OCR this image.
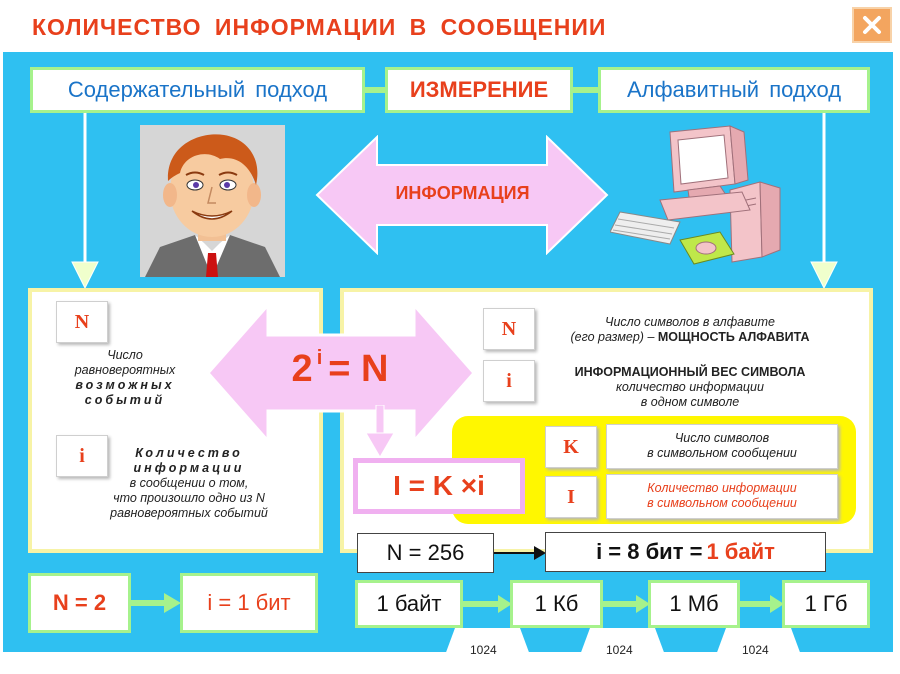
КОЛИЧЕСТВО ИНФОРМАЦИИ В СООБЩЕНИИ
Содержательный подход	ИЗМЕРЕНИЕ	Алфавитный подход
ИНФОРМАЦИЯ
N
Число
равновероятных
возможных
событий
i	Количество
информации
в сообщении о том,
что произошло одно из N
равновероятных событий
N	Число символов в алфавите
(его размер) – МОЩНОСТЬ АЛФАВИТА
i	ИНФОРМАЦИОННЫЙ ВЕС СИМВОЛА
количество информации
в одном символе
K	Число символов
в символьном сообщении
I	Количество информации
в символьном сообщении
$2^i = N$
I = K ×i
N = 256	i = 8 бит = 1 байт
N = 2	i = 1 бит	1 байт	1 Кб	1 Мб	1 Гб
1024	1024	1024
